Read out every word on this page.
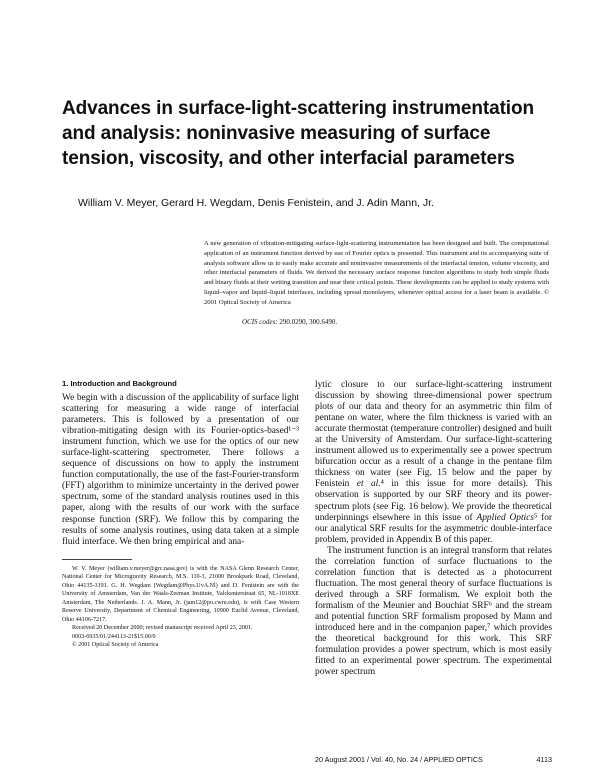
Advances in surface-light-scattering instrumentation and analysis: noninvasive measuring of surface tension, viscosity, and other interfacial parameters
William V. Meyer, Gerard H. Wegdam, Denis Fenistein, and J. Adin Mann, Jr.
A new generation of vibration-mitigating surface-light-scattering instrumentation has been designed and built. The computational application of an instrument function derived by use of Fourier optics is presented. This instrument and its accompanying suite of analysis software allow us to easily make accurate and noninvasive measurements of the interfacial tension, volume viscosity, and other interfacial parameters of fluids. We derived the necessary surface response function algorithms to study both simple fluids and binary fluids at their wetting transition and near their critical points. These developments can be applied to study systems with liquid–vapor and liquid–liquid interfaces, including spread monolayers, whenever optical access for a laser beam is available. © 2001 Optical Society of America
OCIS codes: 290.0290, 300.6490.
1. Introduction and Background

We begin with a discussion of the applicability of surface light scattering for measuring a wide range of interfacial parameters. This is followed by a presentation of our vibration-mitigating design with its Fourier-optics-based¹⁻³ instrument function, which we use for the optics of our new surface-light-scattering spectrometer. There follows a sequence of discussions on how to apply the instrument function computationally, the use of the fast-Fourier-transform (FFT) algorithm to minimize uncertainty in the derived power spectrum, some of the standard analysis routines used in this paper, along with the results of our work with the surface response function (SRF). We follow this by comparing the results of some analysis routines, using data taken at a simple fluid interface. We then bring empirical and ana-

W. V. Meyer (william.v.meyer@grc.nasa.gov) is with the NASA Glenn Research Center, National Center for Microgravity Research, M.S. 110-3, 21000 Brookpark Road, Cleveland, Ohio 44135-3191. G. H. Wegdam (Wegdam@Phys.UvA.Nl) and D. Fenistein are with the University of Amsterdam, Van der Waals-Zeeman Institute, Valckenierstraat 65, NL-1018XE Amsterdam, The Netherlands. J. A. Mann, Jr. (jam12@po.cwru.edu), is with Case Western Reserve University, Department of Chemical Engineering, 10900 Euclid Avenue, Cleveland, Ohio 44106-7217.

Received 20 December 2000; revised manuscript received April 23, 2001.

0003-6935/01/244113-21$15.00/0

© 2001 Optical Society of America

lytic closure to our surface-light-scattering instrument discussion by showing three-dimensional power spectrum plots of our data and theory for an asymmetric thin film of pentane on water, where the film thickness is varied with an accurate thermostat (temperature controller) designed and built at the University of Amsterdam. Our surface-light-scattering instrument allowed us to experimentally see a power spectrum bifurcation occur as a result of a change in the pentane film thickness on water (see Fig. 15 below and the paper by Fenistein et al.⁴ in this issue for more details). This observation is supported by our SRF theory and its power-spectrum plots (see Fig. 16 below). We provide the theoretical underpinnings elsewhere in this issue of Applied Optics⁵ for our analytical SRF results for the asymmetric double-interface problem, provided in Appendix B of this paper.

The instrument function is an integral transform that relates the correlation function of surface fluctuations to the correlation function that is detected as a photocurrent fluctuation. The most general theory of surface fluctuations is derived through a SRF formalism. We exploit both the formalism of the Meunier and Bouchiat SRF⁶ and the stream and potential function SRF formalism proposed by Mann and introduced here and in the companion paper,⁷ which provides the theoretical background for this work. This SRF formulation provides a power spectrum, which is most easily fitted to an experimental power spectrum. The experimental power spectrum

20 August 2001 / Vol. 40, No. 24 / APPLIED OPTICS	4113
